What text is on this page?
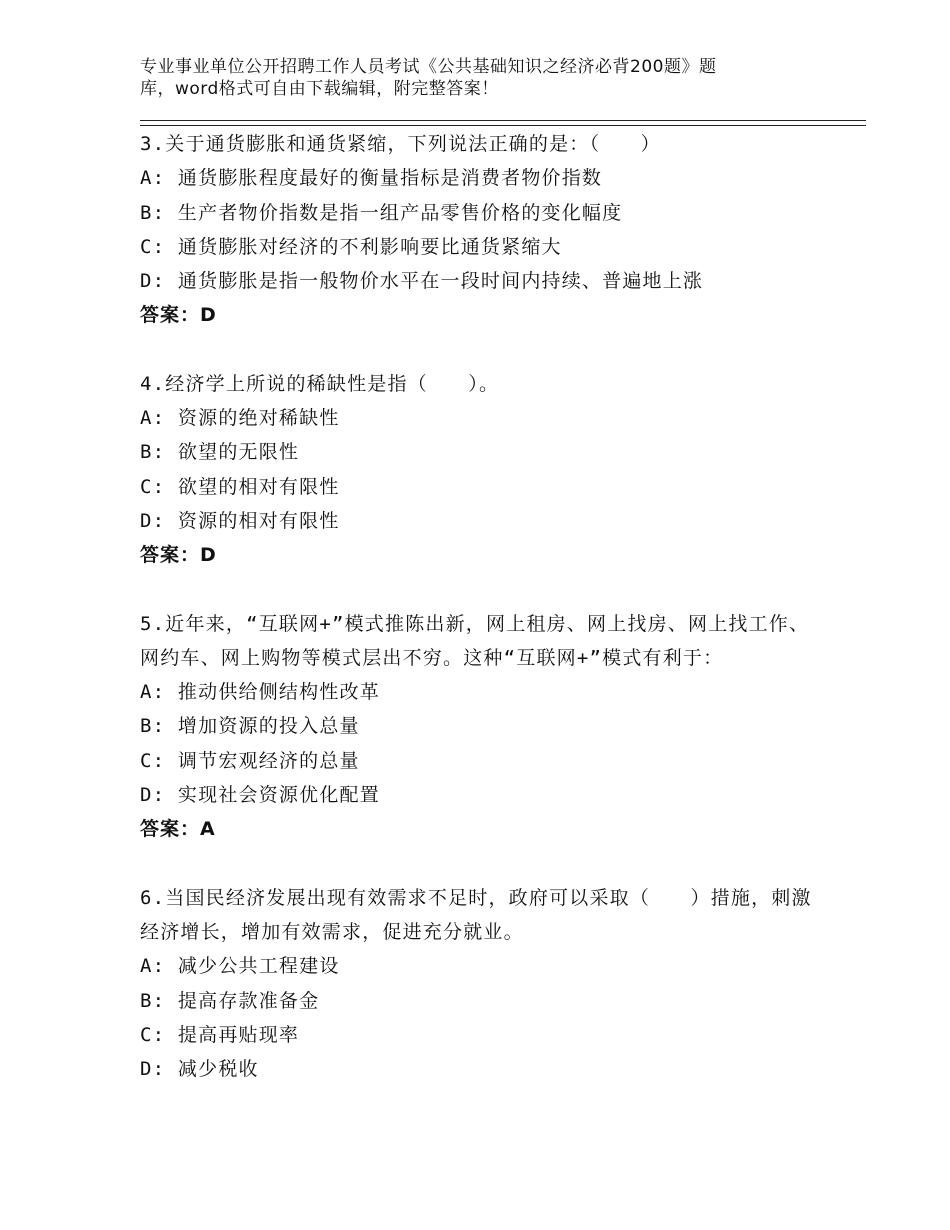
专业事业单位公开招聘工作人员考试《公共基础知识之经济必背200题》题
库，word格式可自由下载编辑，附完整答案！
3.关于通货膨胀和通货紧缩，下列说法正确的是：（　　）
A: 通货膨胀程度最好的衡量指标是消费者物价指数
B: 生产者物价指数是指一组产品零售价格的变化幅度
C: 通货膨胀对经济的不利影响要比通货紧缩大
D: 通货膨胀是指一般物价水平在一段时间内持续、普遍地上涨
答案：D
4.经济学上所说的稀缺性是指（　　）。
A: 资源的绝对稀缺性
B: 欲望的无限性
C: 欲望的相对有限性
D: 资源的相对有限性
答案：D
5.近年来，“互联网+”模式推陈出新，网上租房、网上找房、网上找工作、网约车、网上购物等模式层出不穷。这种“互联网+”模式有利于：
A: 推动供给侧结构性改革
B: 增加资源的投入总量
C: 调节宏观经济的总量
D: 实现社会资源优化配置
答案：A
6.当国民经济发展出现有效需求不足时，政府可以采取（　　）措施，刺激经济增长，增加有效需求，促进充分就业。
A: 减少公共工程建设
B: 提高存款准备金
C: 提高再贴现率
D: 减少税收
